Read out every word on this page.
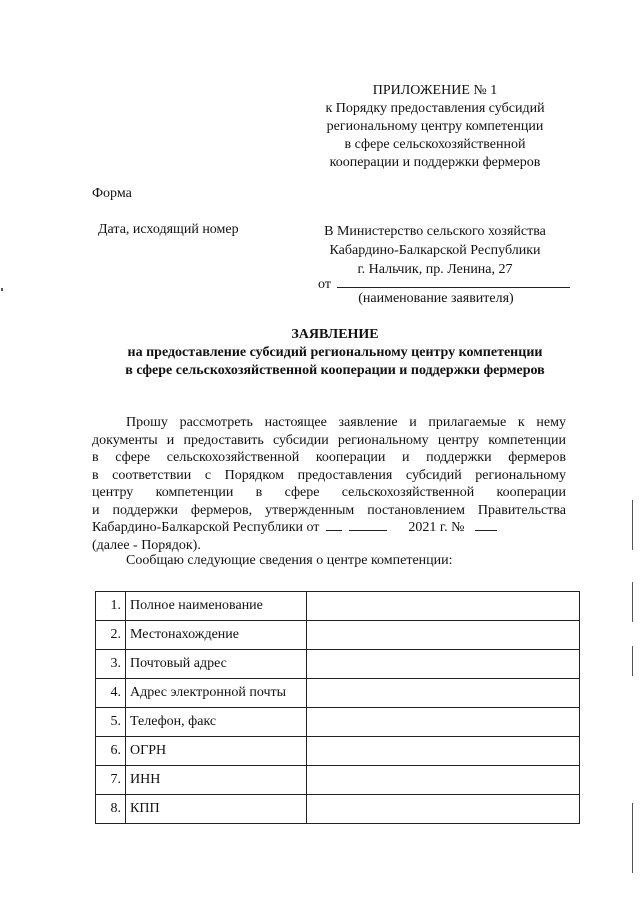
ПРИЛОЖЕНИЕ № 1
к Порядку предоставления субсидий
региональному центру компетенции
в сфере сельскохозяйственной
кооперации и поддержки фермеров
Форма
Дата, исходящий номер	В Министерство сельского хозяйства
Кабардино-Балкарской Республики
г. Нальчик, пр. Ленина, 27
от
(наименование заявителя)
ЗАЯВЛЕНИЕ
на предоставление субсидий региональному центру компетенции
в сфере сельскохозяйственной кооперации и поддержки фермеров
Прошу рассмотреть настоящее заявление и прилагаемые к нему
документы и предоставить субсидии региональному центру компетенции
в сфере сельскохозяйственной кооперации и поддержки фермеров
в соответствии с Порядком предоставления субсидий региональному
центру компетенции в сфере сельскохозяйственной кооперации
и поддержки фермеров, утвержденным постановлением Правительства
Кабардино-Балкарской Республики от	2021 г. №
(далее - Порядок).
Сообщаю следующие сведения о центре компетенции:
1.	Полное наименование	
2.	Местонахождение	
3.	Почтовый адрес	
4.	Адрес электронной почты	
5.	Телефон, факс	
6.	ОГРН	
7.	ИНН	
8.	КПП	
